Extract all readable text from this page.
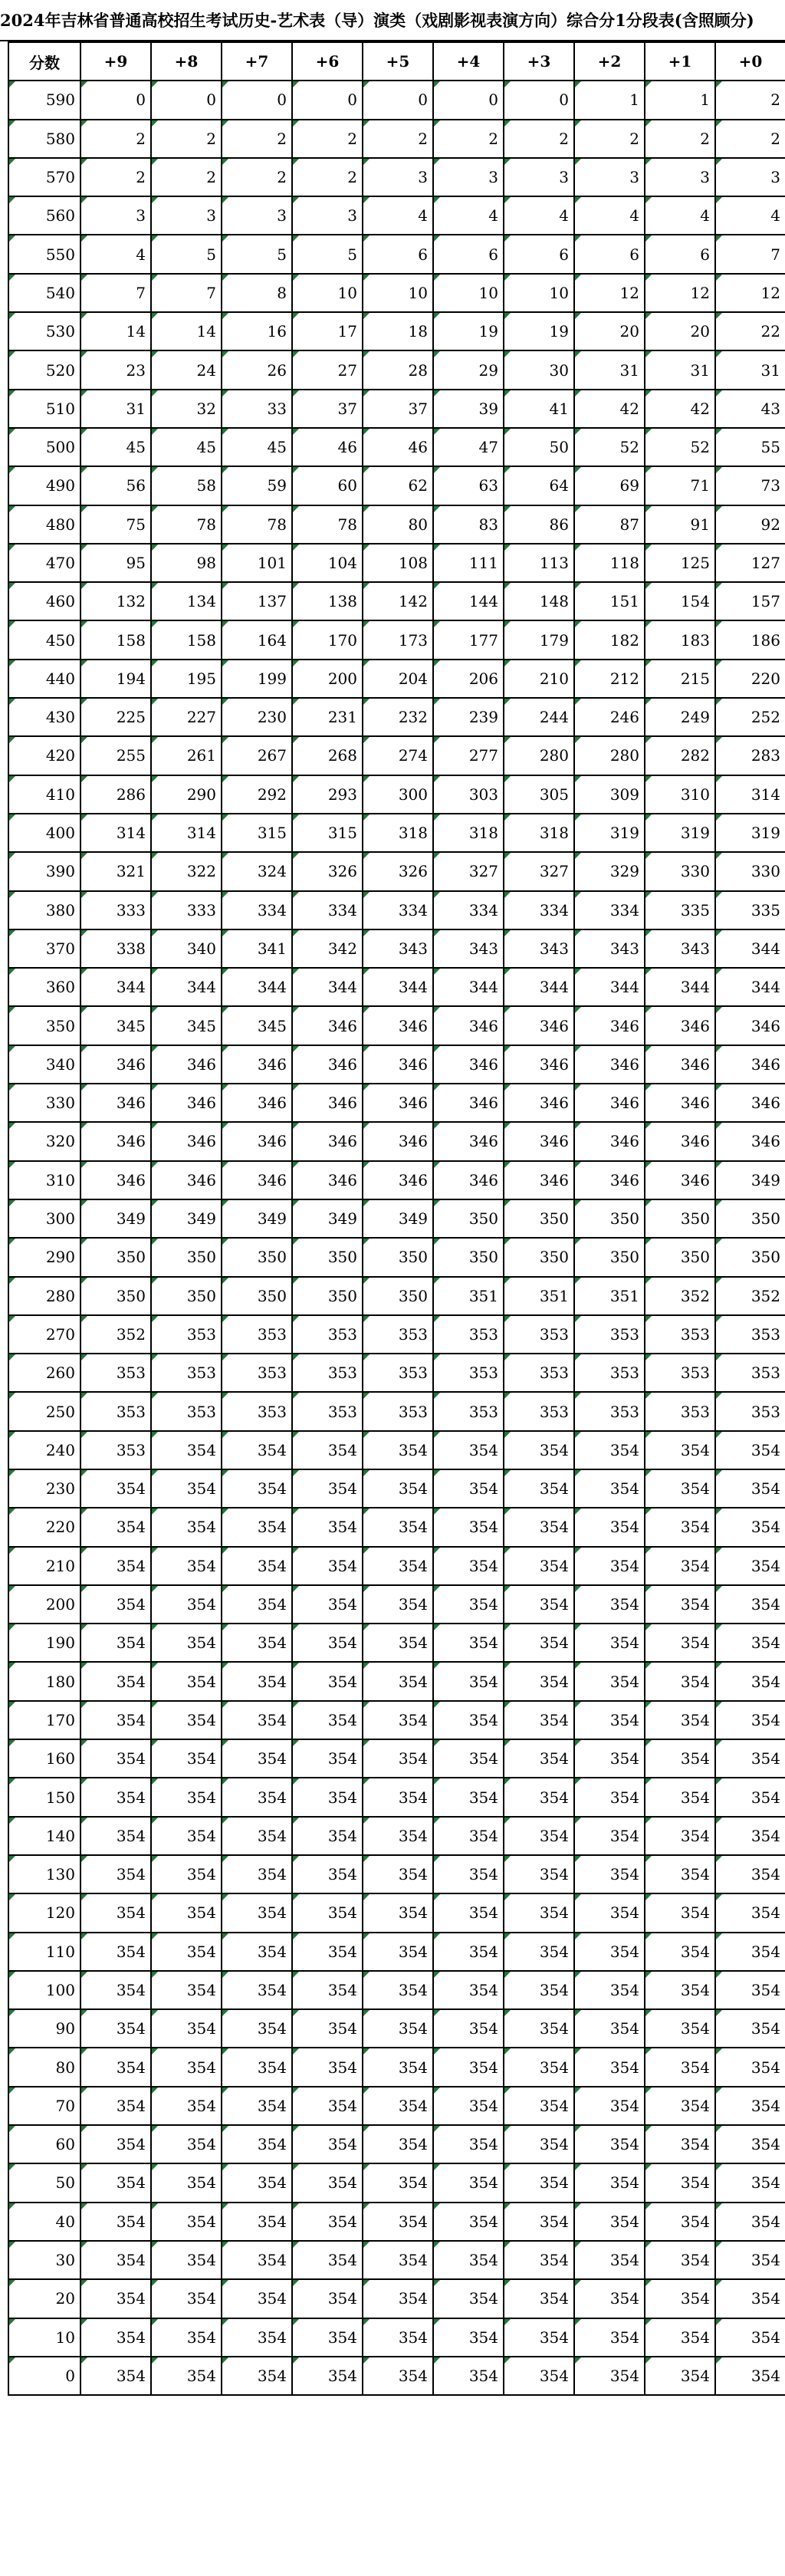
2024年吉林省普通高校招生考试历史-艺术表（导）演类（戏剧影视表演方向）综合分1分段表(含照顾分)
分数	+9	+8	+7	+6	+5	+4	+3	+2	+1	+0
590	0	0	0	0	0	0	0	1	1	2
580	2	2	2	2	2	2	2	2	2	2
570	2	2	2	2	3	3	3	3	3	3
560	3	3	3	3	4	4	4	4	4	4
550	4	5	5	5	6	6	6	6	6	7
540	7	7	8	10	10	10	10	12	12	12
530	14	14	16	17	18	19	19	20	20	22
520	23	24	26	27	28	29	30	31	31	31
510	31	32	33	37	37	39	41	42	42	43
500	45	45	45	46	46	47	50	52	52	55
490	56	58	59	60	62	63	64	69	71	73
480	75	78	78	78	80	83	86	87	91	92
470	95	98	101	104	108	111	113	118	125	127
460	132	134	137	138	142	144	148	151	154	157
450	158	158	164	170	173	177	179	182	183	186
440	194	195	199	200	204	206	210	212	215	220
430	225	227	230	231	232	239	244	246	249	252
420	255	261	267	268	274	277	280	280	282	283
410	286	290	292	293	300	303	305	309	310	314
400	314	314	315	315	318	318	318	319	319	319
390	321	322	324	326	326	327	327	329	330	330
380	333	333	334	334	334	334	334	334	335	335
370	338	340	341	342	343	343	343	343	343	344
360	344	344	344	344	344	344	344	344	344	344
350	345	345	345	346	346	346	346	346	346	346
340	346	346	346	346	346	346	346	346	346	346
330	346	346	346	346	346	346	346	346	346	346
320	346	346	346	346	346	346	346	346	346	346
310	346	346	346	346	346	346	346	346	346	349
300	349	349	349	349	349	350	350	350	350	350
290	350	350	350	350	350	350	350	350	350	350
280	350	350	350	350	350	351	351	351	352	352
270	352	353	353	353	353	353	353	353	353	353
260	353	353	353	353	353	353	353	353	353	353
250	353	353	353	353	353	353	353	353	353	353
240	353	354	354	354	354	354	354	354	354	354
230	354	354	354	354	354	354	354	354	354	354
220	354	354	354	354	354	354	354	354	354	354
210	354	354	354	354	354	354	354	354	354	354
200	354	354	354	354	354	354	354	354	354	354
190	354	354	354	354	354	354	354	354	354	354
180	354	354	354	354	354	354	354	354	354	354
170	354	354	354	354	354	354	354	354	354	354
160	354	354	354	354	354	354	354	354	354	354
150	354	354	354	354	354	354	354	354	354	354
140	354	354	354	354	354	354	354	354	354	354
130	354	354	354	354	354	354	354	354	354	354
120	354	354	354	354	354	354	354	354	354	354
110	354	354	354	354	354	354	354	354	354	354
100	354	354	354	354	354	354	354	354	354	354
90	354	354	354	354	354	354	354	354	354	354
80	354	354	354	354	354	354	354	354	354	354
70	354	354	354	354	354	354	354	354	354	354
60	354	354	354	354	354	354	354	354	354	354
50	354	354	354	354	354	354	354	354	354	354
40	354	354	354	354	354	354	354	354	354	354
30	354	354	354	354	354	354	354	354	354	354
20	354	354	354	354	354	354	354	354	354	354
10	354	354	354	354	354	354	354	354	354	354
0	354	354	354	354	354	354	354	354	354	354
